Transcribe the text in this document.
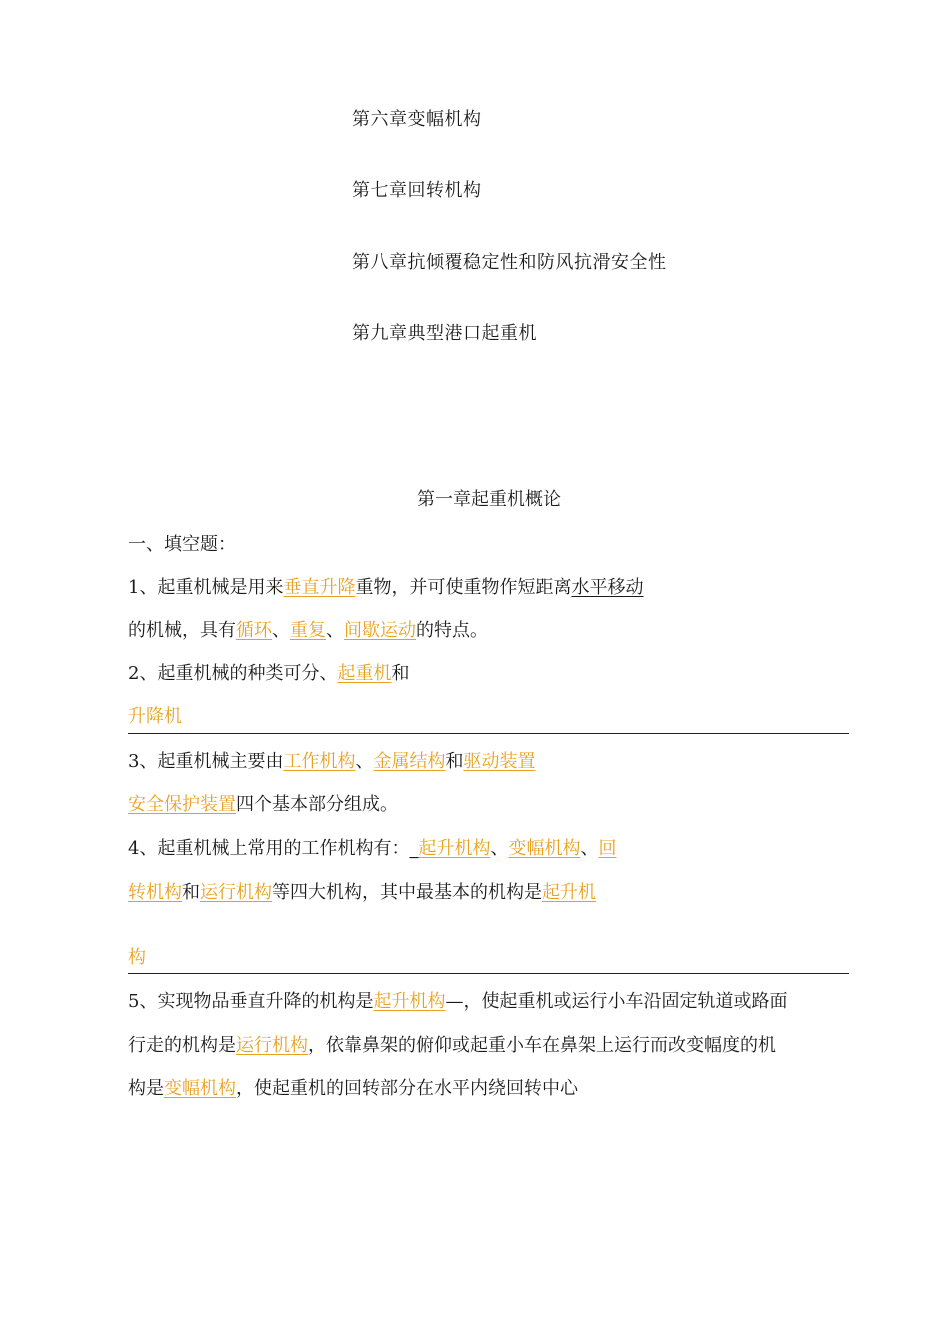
第六章变幅机构
第七章回转机构
第八章抗倾覆稳定性和防风抗滑安全性
第九章典型港口起重机
第一章起重机概论
一、填空题：
1、起重机械是用来垂直升降重物，并可使重物作短距离水平移动
的机械，具有循环、重复、间歇运动的特点。
2、起重机械的种类可分、起重机和
升降机
3、起重机械主要由工作机构、金属结构和驱动装置
安全保护装置四个基本部分组成。
4、起重机械上常用的工作机构有：_起升机构、变幅机构、回
转机构和运行机构等四大机构，其中最基本的机构是起升机
构
5、实现物品垂直升降的机构是起升机构—，使起重机或运行小车沿固定轨道或路面
行走的机构是运行机构，依靠鼻架的俯仰或起重小车在鼻架上运行而改变幅度的机
构是变幅机构，使起重机的回转部分在水平内绕回转中心
